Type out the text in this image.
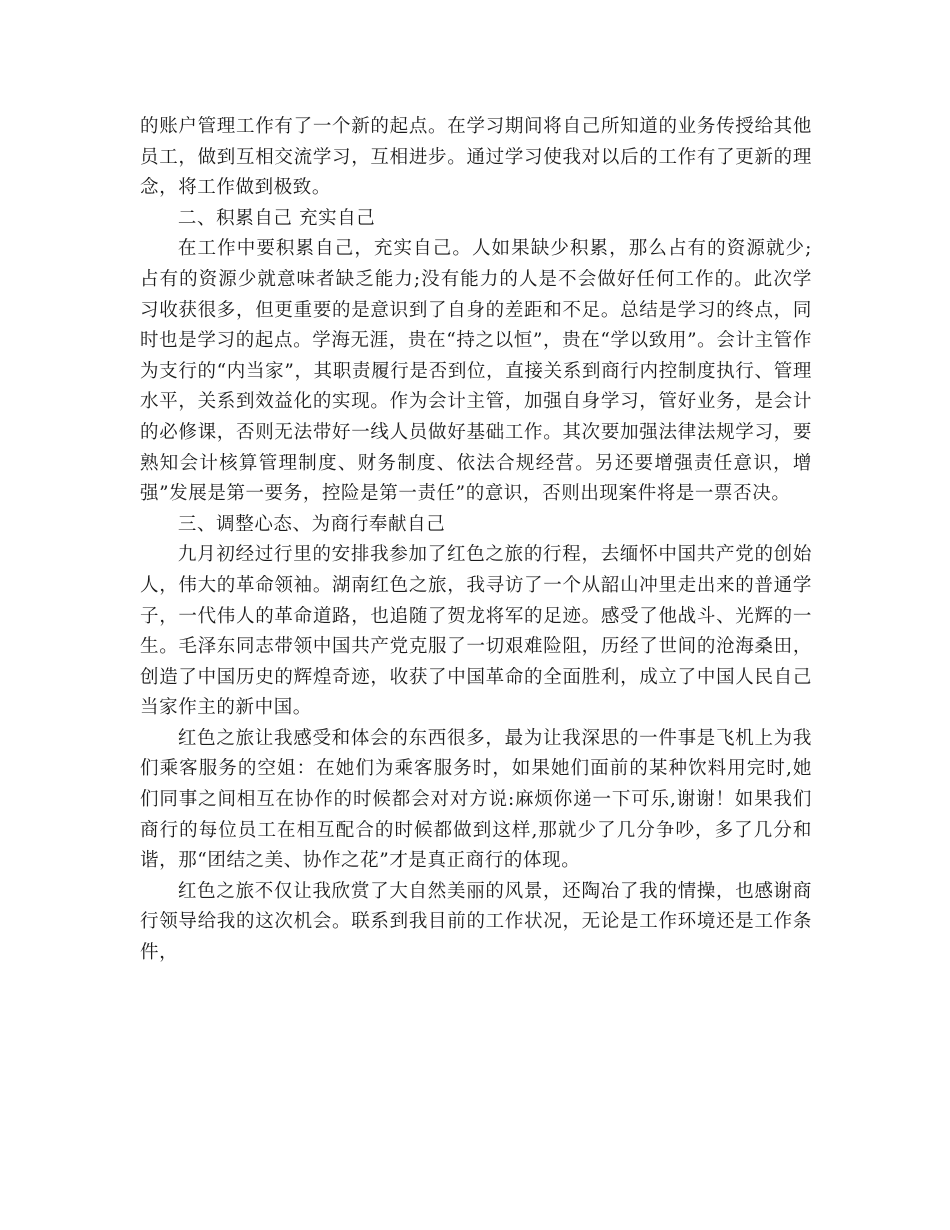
的账户管理工作有了一个新的起点。在学习期间将自己所知道的业务传授给其他员工，做到互相交流学习，互相进步。通过学习使我对以后的工作有了更新的理念，将工作做到极致。

二、积累自己 充实自己

在工作中要积累自己，充实自己。人如果缺少积累，那么占有的资源就少;占有的资源少就意味者缺乏能力;没有能力的人是不会做好任何工作的。此次学习收获很多，但更重要的是意识到了自身的差距和不足。总结是学习的终点，同时也是学习的起点。学海无涯，贵在“持之以恒”，贵在“学以致用”。会计主管作为支行的“内当家”，其职责履行是否到位，直接关系到商行内控制度执行、管理水平，关系到效益化的实现。作为会计主管，加强自身学习，管好业务，是会计的必修课，否则无法带好一线人员做好基础工作。其次要加强法律法规学习，要熟知会计核算管理制度、财务制度、依法合规经营。另还要增强责任意识，增强”发展是第一要务，控险是第一责任”的意识，否则出现案件将是一票否决。

三、调整心态、为商行奉献自己

九月初经过行里的安排我参加了红色之旅的行程，去缅怀中国共产党的创始人，伟大的革命领袖。湖南红色之旅，我寻访了一个从韶山冲里走出来的普通学子，一代伟人的革命道路，也追随了贺龙将军的足迹。感受了他战斗、光辉的一生。毛泽东同志带领中国共产党克服了一切艰难险阻，历经了世间的沧海桑田，创造了中国历史的辉煌奇迹，收获了中国革命的全面胜利，成立了中国人民自己当家作主的新中国。

红色之旅让我感受和体会的东西很多，最为让我深思的一件事是飞机上为我们乘客服务的空姐：在她们为乘客服务时，如果她们面前的某种饮料用完时,她们同事之间相互在协作的时候都会对对方说:麻烦你递一下可乐,谢谢！如果我们商行的每位员工在相互配合的时候都做到这样,那就少了几分争吵，多了几分和谐，那“团结之美、协作之花”才是真正商行的体现。

红色之旅不仅让我欣赏了大自然美丽的风景，还陶冶了我的情操，也感谢商行领导给我的这次机会。联系到我目前的工作状况，无论是工作环境还是工作条件，
